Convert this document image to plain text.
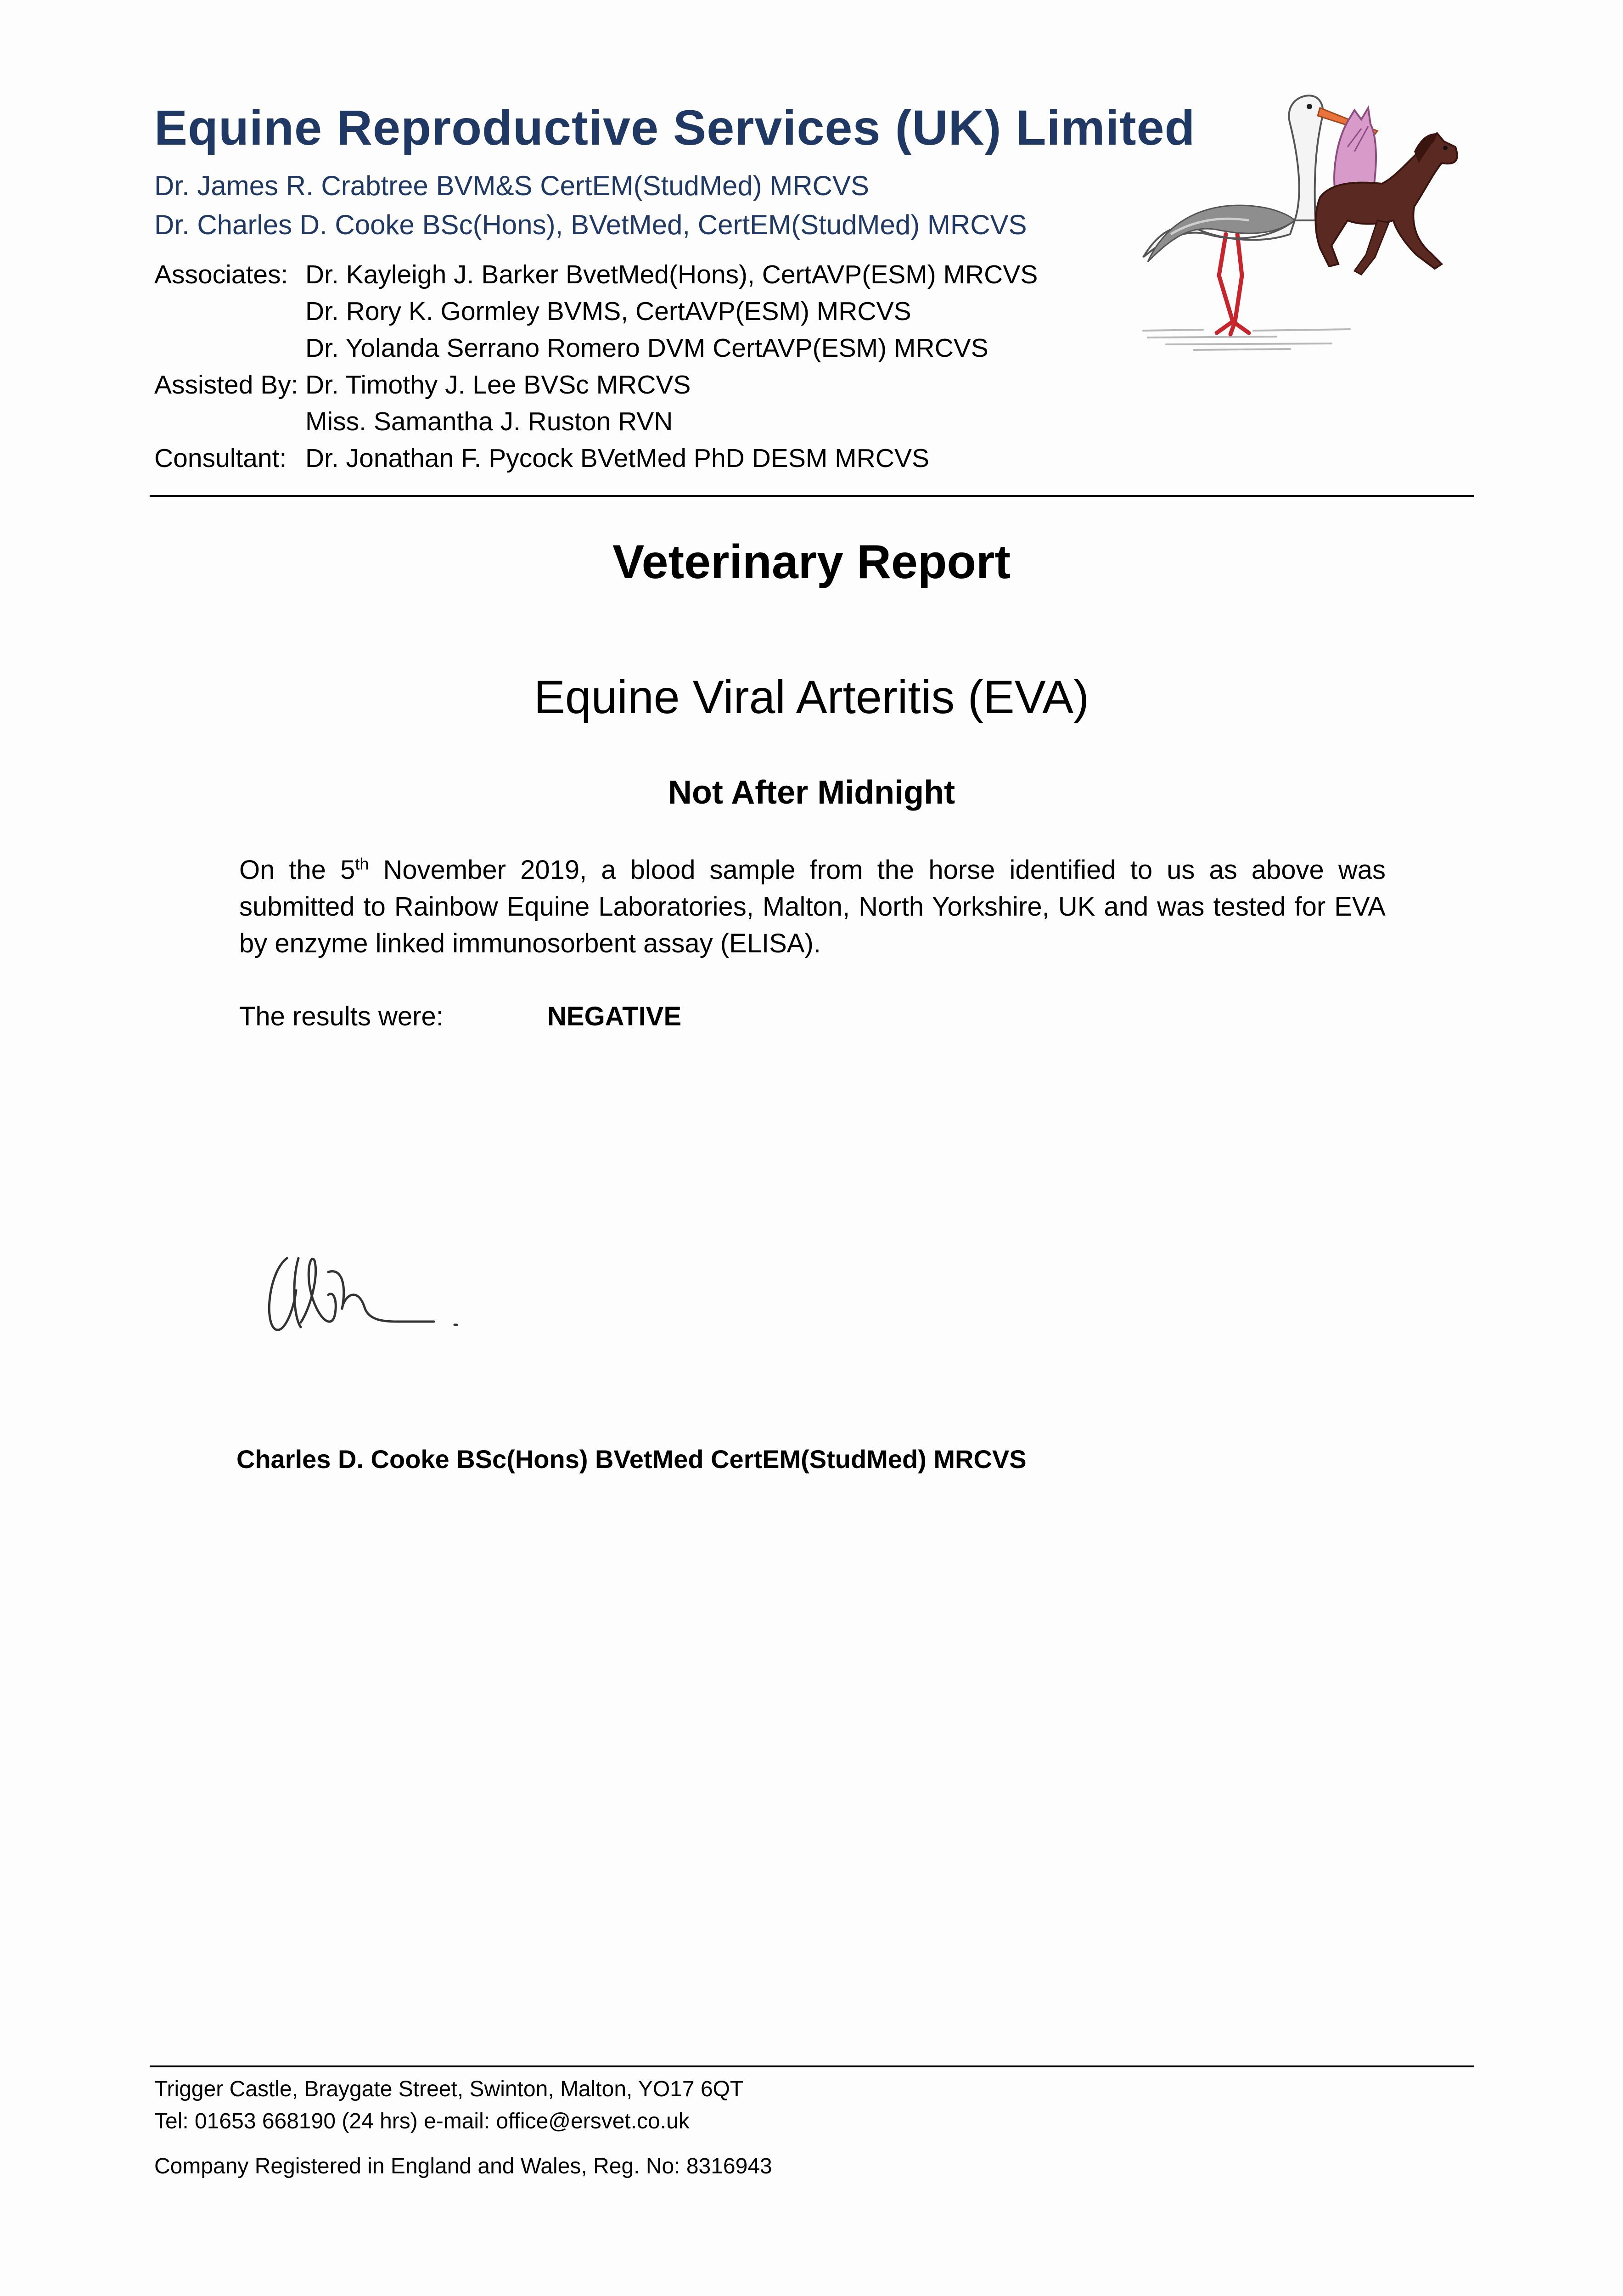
Equine Reproductive Services (UK) Limited
Dr. James R. Crabtree BVM&S CertEM(StudMed) MRCVS
Dr. Charles D. Cooke BSc(Hons), BVetMed, CertEM(StudMed) MRCVS
Associates: Dr. Kayleigh J. Barker BvetMed(Hons), CertAVP(ESM) MRCVS
Dr. Rory K. Gormley BVMS, CertAVP(ESM) MRCVS
Dr. Yolanda Serrano Romero DVM CertAVP(ESM) MRCVS
Assisted By: Dr. Timothy J. Lee BVSc MRCVS
Miss. Samantha J. Ruston RVN
Consultant: Dr. Jonathan F. Pycock BVetMed PhD DESM MRCVS
Veterinary Report
Equine Viral Arteritis (EVA)
Not After Midnight
On the 5th November 2019, a blood sample from the horse identified to us as above was submitted to Rainbow Equine Laboratories, Malton, North Yorkshire, UK and was tested for EVA by enzyme linked immunosorbent assay (ELISA).
The results were:	NEGATIVE
Charles D. Cooke BSc(Hons) BVetMed CertEM(StudMed) MRCVS
Trigger Castle, Braygate Street, Swinton, Malton, YO17 6QT
Tel: 01653 668190 (24 hrs) e-mail: office@ersvet.co.uk
Company Registered in England and Wales, Reg. No: 8316943
